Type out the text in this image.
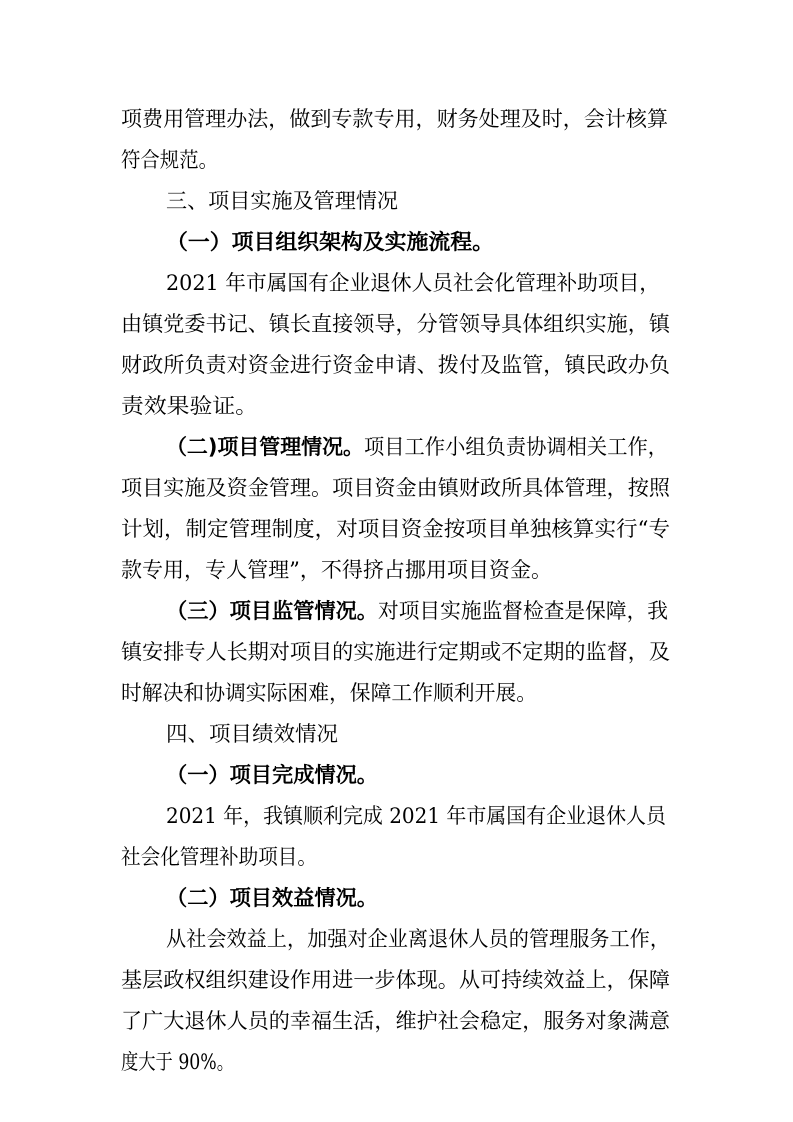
项费用管理办法，做到专款专用，财务处理及时，会计核算
符合规范。
三、项目实施及管理情况
（一）项目组织架构及实施流程。
2021 年市属国有企业退休人员社会化管理补助项目，
由镇党委书记、镇长直接领导，分管领导具体组织实施，镇
财政所负责对资金进行资金申请、拨付及监管，镇民政办负
责效果验证。
（二)项目管理情况。 项目工作小组负责协调相关工作，
项目实施及资金管理。项目资金由镇财政所具体管理，按照
计划，制定管理制度，对项目资金按项目单独核算实行“专
款专用，专人管理”，不得挤占挪用项目资金。
（三）项目监管情况。 对项目实施监督检查是保障，我
镇安排专人长期对项目的实施进行定期或不定期的监督，及
时解决和协调实际困难，保障工作顺利开展。
四、项目绩效情况
（一）项目完成情况。
2021 年，我镇顺利完成 2021 年市属国有企业退休人员
社会化管理补助项目。
（二）项目效益情况。
从社会效益上，加强对企业离退休人员的管理服务工作，
基层政权组织建设作用进一步体现。从可持续效益上，保障
了广大退休人员的幸福生活，维护社会稳定，服务对象满意
度大于 90%。
